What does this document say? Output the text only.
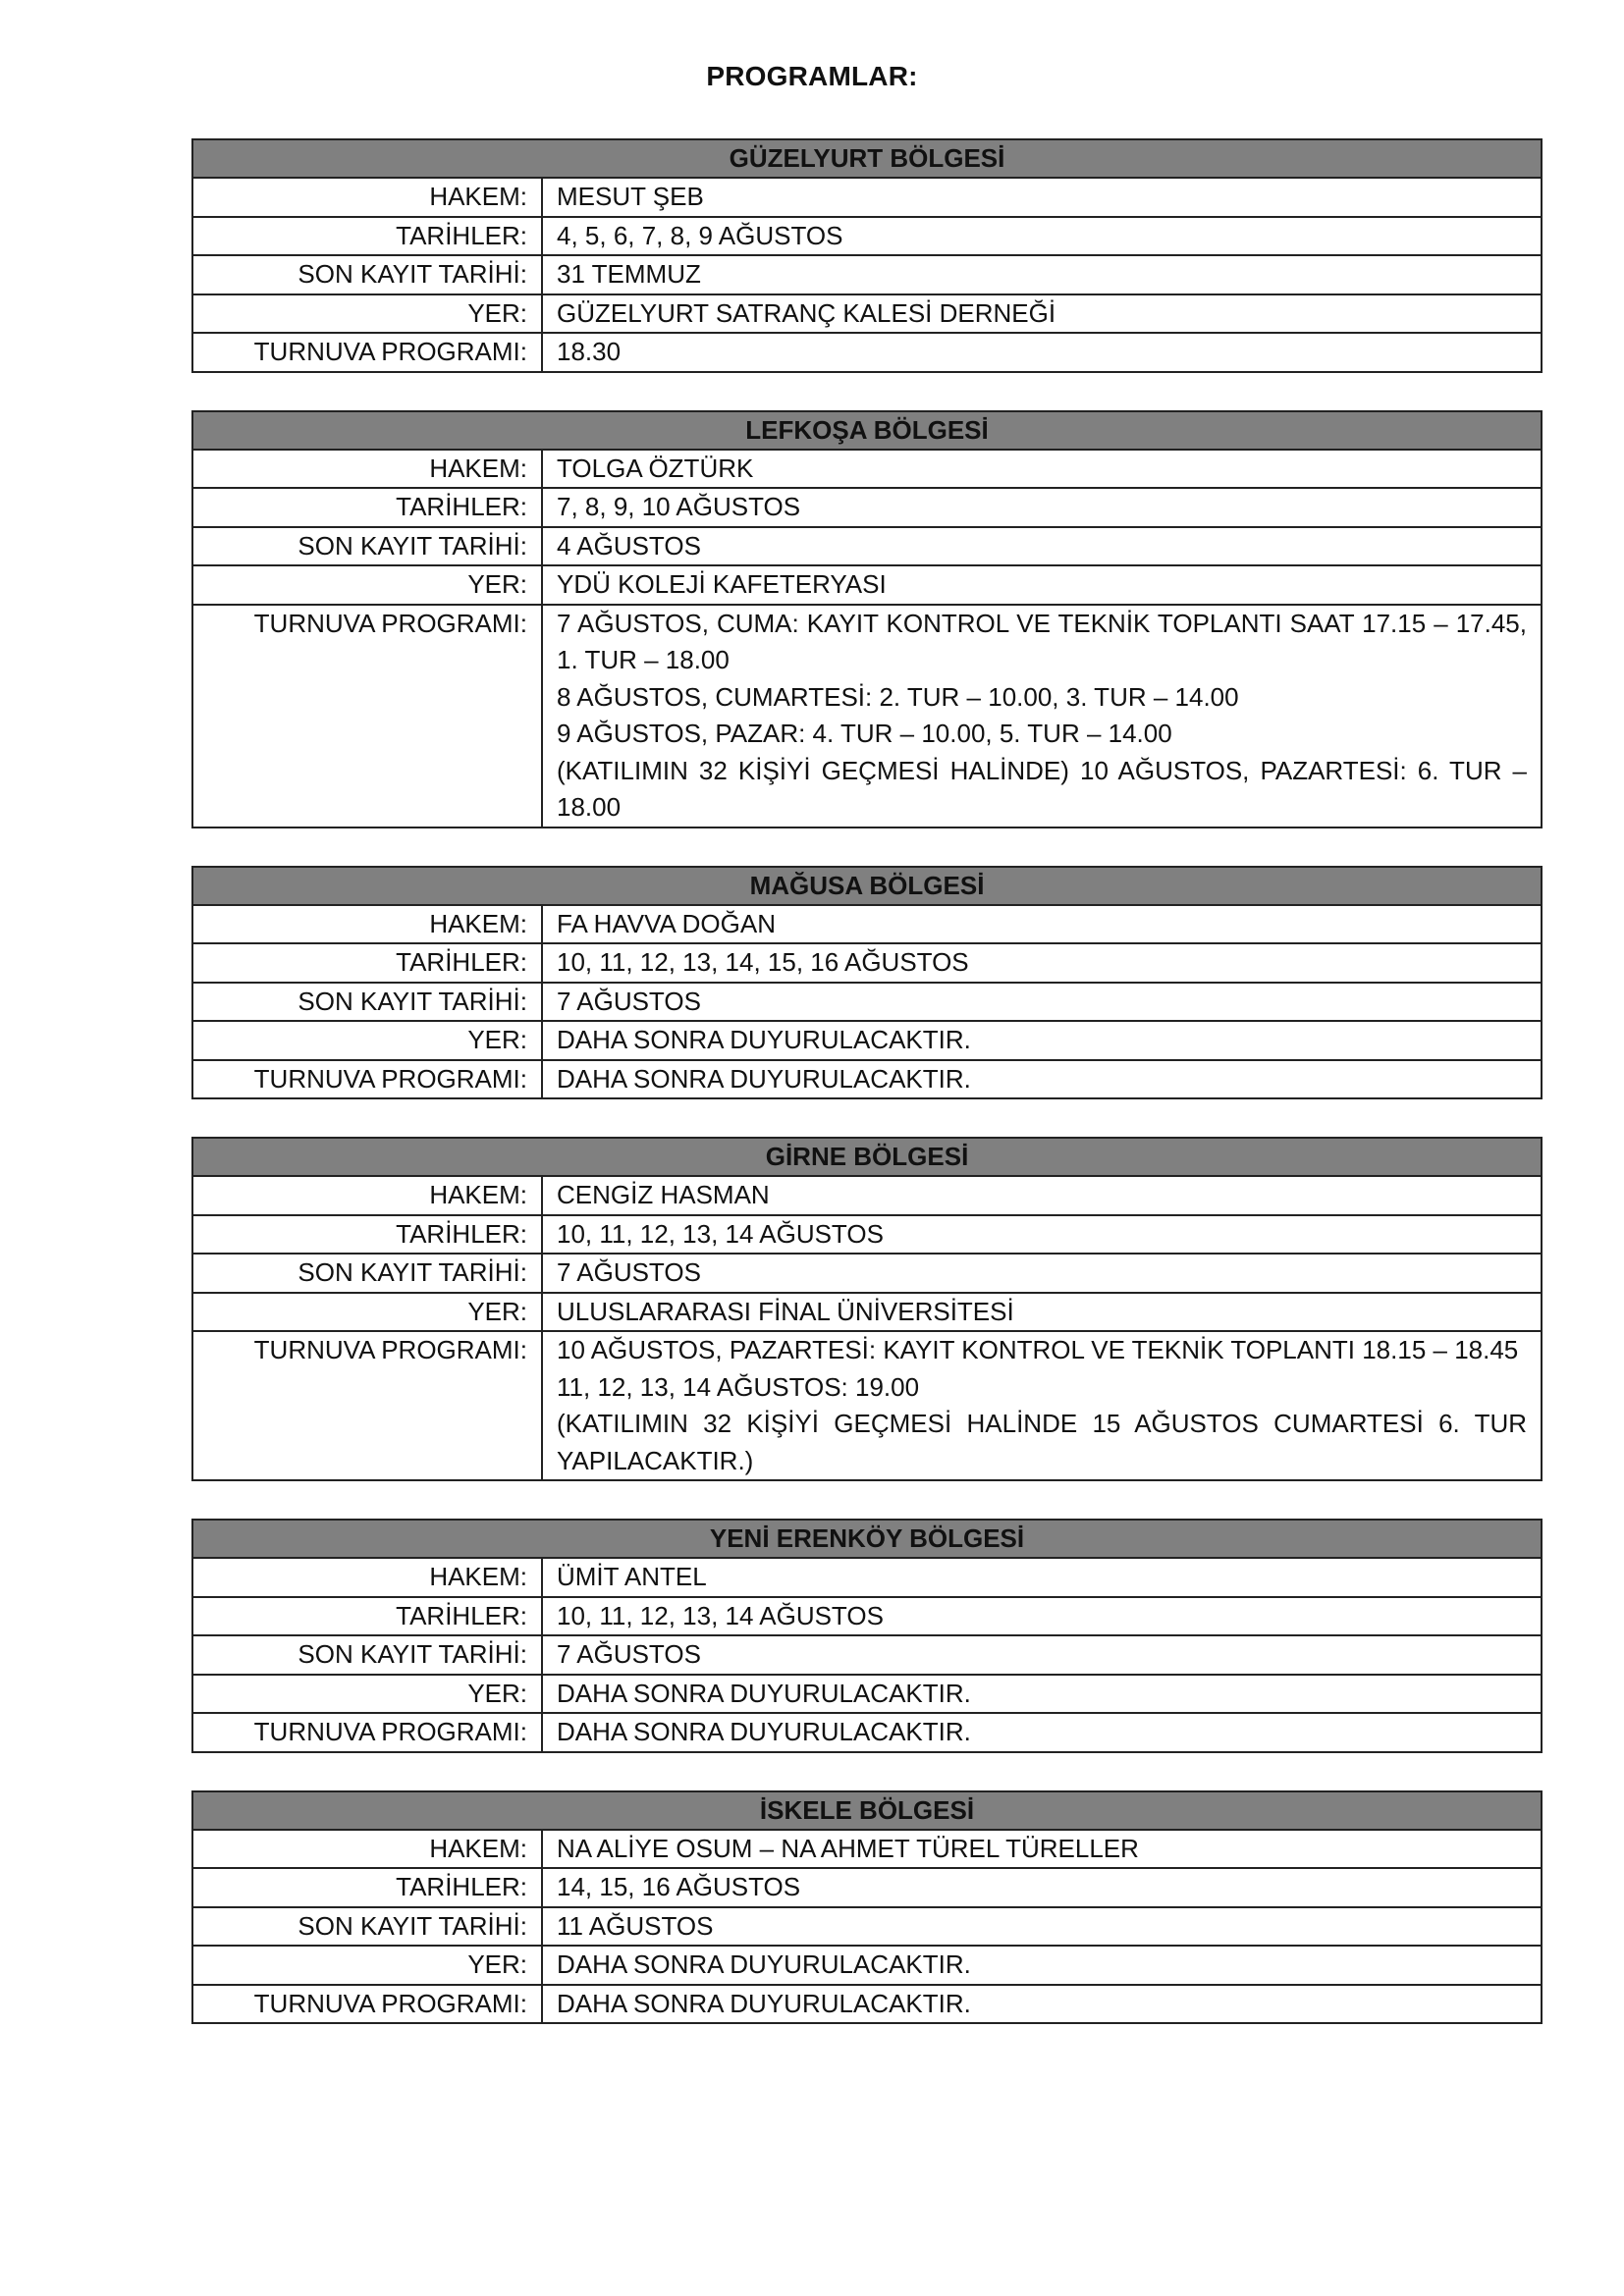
PROGRAMLAR:
GÜZELYURT BÖLGESİ	
HAKEM:	MESUT ŞEB

TARİHLER:	4, 5, 6, 7, 8, 9 AĞUSTOS

SON KAYIT TARİHİ:	31 TEMMUZ

YER:	GÜZELYURT SATRANÇ KALESİ DERNEĞİ

TURNUVA PROGRAMI:	18.30
LEFKOŞA BÖLGESİ	
HAKEM:	TOLGA ÖZTÜRK

TARİHLER:	7, 8, 9, 10 AĞUSTOS

SON KAYIT TARİHİ:	4 AĞUSTOS

YER:	YDÜ KOLEJİ KAFETERYASI

TURNUVA PROGRAMI:	7 AĞUSTOS, CUMA: KAYIT KONTROL VE TEKNİK TOPLANTI SAAT 17.15 – 17.45, 1. TUR – 18.00
8 AĞUSTOS, CUMARTESİ: 2. TUR – 10.00, 3. TUR – 14.00
9 AĞUSTOS, PAZAR: 4. TUR – 10.00, 5. TUR – 14.00
(KATILIMIN 32 KİŞİYİ GEÇMESİ HALİNDE) 10 AĞUSTOS, PAZARTESİ: 6. TUR – 18.00
MAĞUSA BÖLGESİ	
HAKEM:	FA HAVVA DOĞAN

TARİHLER:	10, 11, 12, 13, 14, 15, 16 AĞUSTOS

SON KAYIT TARİHİ:	7 AĞUSTOS

YER:	DAHA SONRA DUYURULACAKTIR.

TURNUVA PROGRAMI:	DAHA SONRA DUYURULACAKTIR.
GİRNE BÖLGESİ	
HAKEM:	CENGİZ HASMAN

TARİHLER:	10, 11, 12, 13, 14 AĞUSTOS

SON KAYIT TARİHİ:	7 AĞUSTOS

YER:	ULUSLARARASI FİNAL ÜNİVERSİTESİ

TURNUVA PROGRAMI:	10 AĞUSTOS, PAZARTESİ: KAYIT KONTROL VE TEKNİK TOPLANTI 18.15 – 18.45
11, 12, 13, 14 AĞUSTOS: 19.00
(KATILIMIN 32 KİŞİYİ GEÇMESİ HALİNDE 15 AĞUSTOS CUMARTESİ 6. TUR YAPILACAKTIR.)
YENİ ERENKÖY BÖLGESİ	
HAKEM:	ÜMİT ANTEL

TARİHLER:	10, 11, 12, 13, 14 AĞUSTOS

SON KAYIT TARİHİ:	7 AĞUSTOS

YER:	DAHA SONRA DUYURULACAKTIR.

TURNUVA PROGRAMI:	DAHA SONRA DUYURULACAKTIR.
İSKELE BÖLGESİ	
HAKEM:	NA ALİYE OSUM – NA AHMET TÜREL TÜRELLER

TARİHLER:	14, 15, 16 AĞUSTOS

SON KAYIT TARİHİ:	11 AĞUSTOS

YER:	DAHA SONRA DUYURULACAKTIR.

TURNUVA PROGRAMI:	DAHA SONRA DUYURULACAKTIR.
